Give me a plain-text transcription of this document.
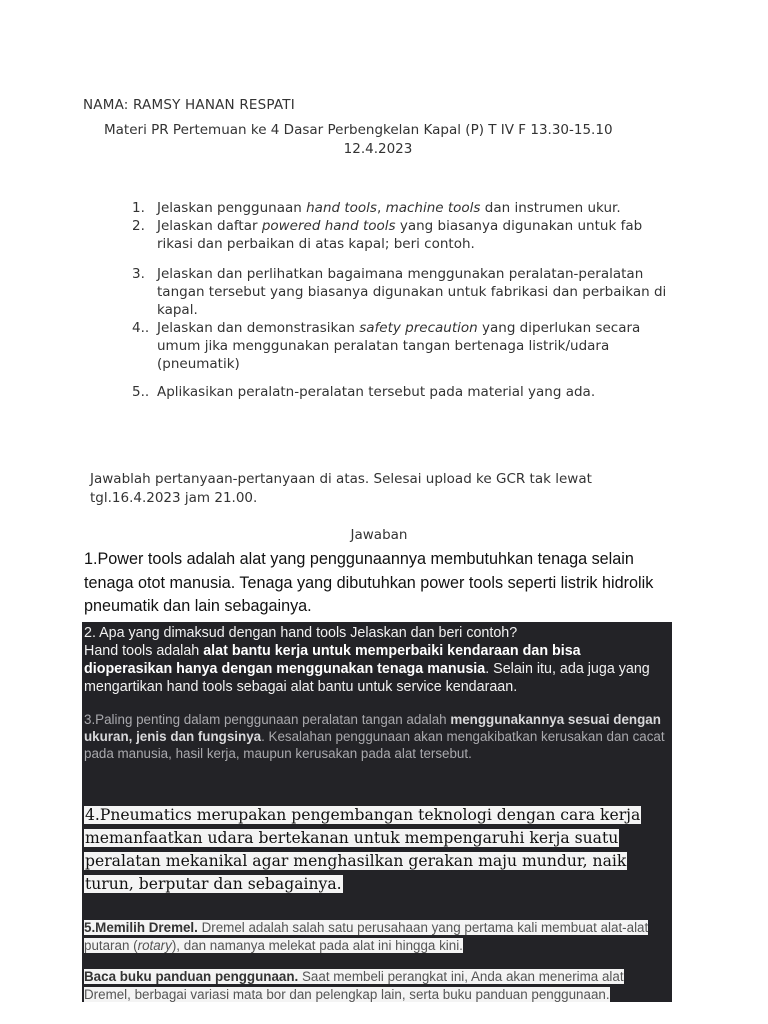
NAMA: RAMSY HANAN RESPATI
Materi PR Pertemuan ke 4 Dasar Perbengkelan Kapal (P) T IV F 13.30-15.10
12.4.2023
1. Jelaskan penggunaan hand tools, machine tools dan instrumen ukur.
2. Jelaskan daftar powered hand tools yang biasanya digunakan untuk fab rikasi dan perbaikan di atas kapal; beri contoh.
3. Jelaskan dan perlihatkan bagaimana menggunakan peralatan-peralatan tangan tersebut yang biasanya digunakan untuk fabrikasi dan perbaikan di kapal.
4.. Jelaskan dan demonstrasikan safety precaution yang diperlukan secara umum jika menggunakan peralatan tangan bertenaga listrik/udara (pneumatik)
5.. Aplikasikan peralatn-peralatan tersebut pada material yang ada.
Jawablah pertanyaan-pertanyaan di atas. Selesai upload ke GCR tak lewat tgl.16.4.2023 jam 21.00.
Jawaban
1.Power tools adalah alat yang penggunaannya membutuhkan tenaga selain tenaga otot manusia. Tenaga yang dibutuhkan power tools seperti listrik hidrolik pneumatik dan lain sebagainya.
2. Apa yang dimaksud dengan hand tools Jelaskan dan beri contoh?
Hand tools adalah alat bantu kerja untuk memperbaiki kendaraan dan bisa dioperasikan hanya dengan menggunakan tenaga manusia. Selain itu, ada juga yang mengartikan hand tools sebagai alat bantu untuk service kendaraan.
3.Paling penting dalam penggunaan peralatan tangan adalah menggunakannya sesuai dengan ukuran, jenis dan fungsinya. Kesalahan penggunaan akan mengakibatkan kerusakan dan cacat pada manusia, hasil kerja, maupun kerusakan pada alat tersebut.
4.Pneumatics merupakan pengembangan teknologi dengan cara kerja memanfaatkan udara bertekanan untuk mempengaruhi kerja suatu peralatan mekanikal agar menghasilkan gerakan maju mundur, naik turun, berputar dan sebagainya.
5.Memilih Dremel. Dremel adalah salah satu perusahaan yang pertama kali membuat alat-alat putaran (rotary), dan namanya melekat pada alat ini hingga kini.
Baca buku panduan penggunaan. Saat membeli perangkat ini, Anda akan menerima alat Dremel, berbagai variasi mata bor dan pelengkap lain, serta buku panduan penggunaan.
